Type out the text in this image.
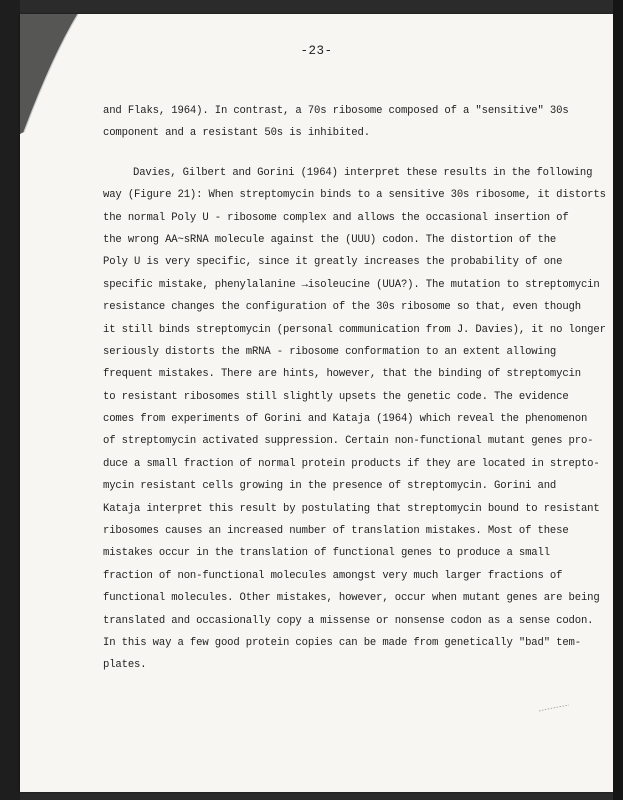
-23-
and Flaks, 1964). In contrast, a 70s ribosome composed of a "sensitive" 30s
component and a resistant 50s is inhibited.
Davies, Gilbert and Gorini (1964) interpret these results in the following
way (Figure 21): When streptomycin binds to a sensitive 30s ribosome, it distorts
the normal Poly U - ribosome complex and allows the occasional insertion of
the wrong AA~sRNA molecule against the (UUU) codon. The distortion of the
Poly U is very specific, since it greatly increases the probability of one
specific mistake, phenylalanine →isoleucine (UUA?). The mutation to streptomycin
resistance changes the configuration of the 30s ribosome so that, even though
it still binds streptomycin (personal communication from J. Davies), it no longer
seriously distorts the mRNA - ribosome conformation to an extent allowing
frequent mistakes. There are hints, however, that the binding of streptomycin
to resistant ribosomes still slightly upsets the genetic code. The evidence
comes from experiments of Gorini and Kataja (1964) which reveal the phenomenon
of streptomycin activated suppression. Certain non-functional mutant genes pro-
duce a small fraction of normal protein products if they are located in strepto-
mycin resistant cells growing in the presence of streptomycin. Gorini and
Kataja interpret this result by postulating that streptomycin bound to resistant
ribosomes causes an increased number of translation mistakes. Most of these
mistakes occur in the translation of functional genes to produce a small
fraction of non-functional molecules amongst very much larger fractions of
functional molecules. Other mistakes, however, occur when mutant genes are being
translated and occasionally copy a missense or nonsense codon as a sense codon.
In this way a few good protein copies can be made from genetically "bad" tem-
plates.
